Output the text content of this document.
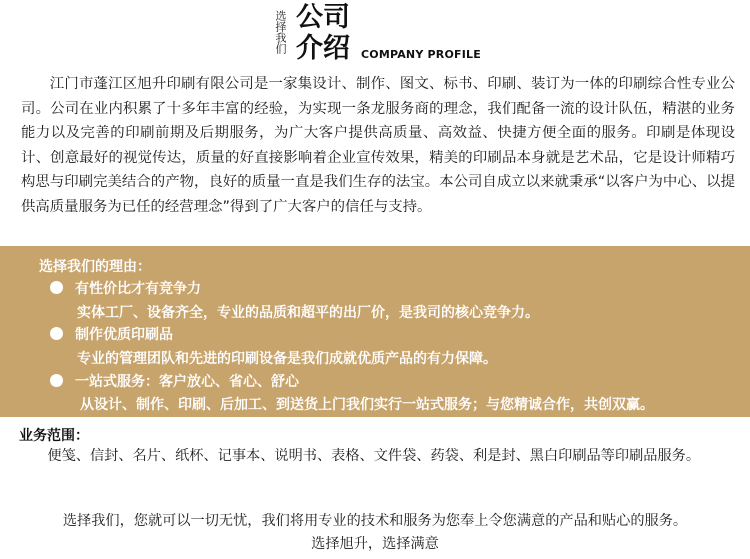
选择我们 公司
介绍 COMPANY PROFILE

江门市蓬江区旭升印刷有限公司是一家集设计、制作、图文、标书、印刷、装订为一体的印刷综合性专业公司。公司在业内积累了十多年丰富的经验，为实现一条龙服务商的理念，我们配备一流的设计队伍，精湛的业务能力以及完善的印刷前期及后期服务，为广大客户提供高质量、高效益、快捷方便全面的服务。印刷是体现设计、创意最好的视觉传达，质量的好直接影响着企业宣传效果，精美的印刷品本身就是艺术品，它是设计师精巧构思与印刷完美结合的产物，良好的质量一直是我们生存的法宝。本公司自成立以来就秉承“以客户为中心、以提供高质量服务为已任的经营理念”得到了广大客户的信任与支持。

选择我们的理由：
有性价比才有竞争力
实体工厂、设备齐全，专业的品质和超平的出厂价，是我司的核心竞争力。
制作优质印刷品
专业的管理团队和先进的印刷设备是我们成就优质产品的有力保障。
一站式服务：客户放心、省心、舒心
从设计、制作、印刷、后加工、到送货上门我们实行一站式服务；与您精诚合作，共创双赢。
业务范围：

便笺、信封、名片、纸杯、记事本、说明书、表格、文件袋、药袋、利是封、黑白印刷品等印刷品服务。

选择我们，您就可以一切无忧，我们将用专业的技术和服务为您奉上令您满意的产品和贴心的服务。
选择旭升，选择满意
